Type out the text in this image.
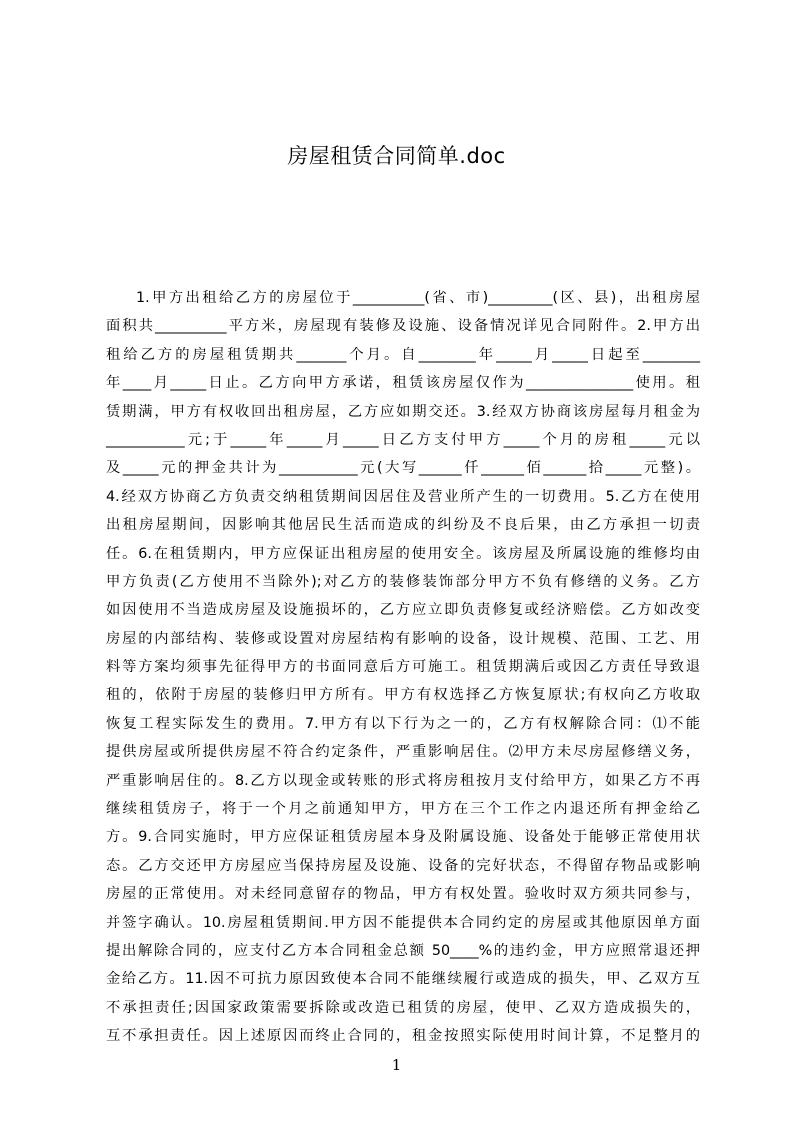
房屋租赁合同简单.doc
1.甲方出租给乙方的房屋位于__________(省、市)_________(区、县)，出租房屋
面积共__________平方米，房屋现有装修及设施、设备情况详见合同附件。2.甲方出
租给乙方的房屋租赁期共_______个月。自________年_____月_____日起至________
年____月_____日止。乙方向甲方承诺，租赁该房屋仅作为_______________使用。租
赁期满，甲方有权收回出租房屋，乙方应如期交还。3.经双方协商该房屋每月租金为
___________元;于_____年_____月_____日乙方支付甲方_____个月的房租_____元以
及_____元的押金共计为___________元(大写______仟______佰______拾_____元整)。
4.经双方协商乙方负责交纳租赁期间因居住及营业所产生的一切费用。5.乙方在使用
出租房屋期间，因影响其他居民生活而造成的纠纷及不良后果，由乙方承担一切责
任。6.在租赁期内，甲方应保证出租房屋的使用安全。该房屋及所属设施的维修均由
甲方负责(乙方使用不当除外);对乙方的装修装饰部分甲方不负有修缮的义务。乙方
如因使用不当造成房屋及设施损坏的，乙方应立即负责修复或经济赔偿。乙方如改变
房屋的内部结构、装修或设置对房屋结构有影响的设备，设计规模、范围、工艺、用
料等方案均须事先征得甲方的书面同意后方可施工。租赁期满后或因乙方责任导致退
租的，依附于房屋的装修归甲方所有。甲方有权选择乙方恢复原状;有权向乙方收取
恢复工程实际发生的费用。7.甲方有以下行为之一的，乙方有权解除合同：⑴不能
提供房屋或所提供房屋不符合约定条件，严重影响居住。⑵甲方未尽房屋修缮义务，
严重影响居住的。8.乙方以现金或转账的形式将房租按月支付给甲方，如果乙方不再
继续租赁房子，将于一个月之前通知甲方，甲方在三个工作之内退还所有押金给乙
方。9.合同实施时，甲方应保证租赁房屋本身及附属设施、设备处于能够正常使用状
态。乙方交还甲方房屋应当保持房屋及设施、设备的完好状态，不得留存物品或影响
房屋的正常使用。对未经同意留存的物品，甲方有权处置。验收时双方须共同参与，
并签字确认。10.房屋租赁期间.甲方因不能提供本合同约定的房屋或其他原因单方面
提出解除合同的，应支付乙方本合同租金总额 50____%的违约金，甲方应照常退还押
金给乙方。11.因不可抗力原因致使本合同不能继续履行或造成的损失，甲、乙双方互
不承担责任;因国家政策需要拆除或改造已租赁的房屋，使甲、乙双方造成损失的，
互不承担责任。因上述原因而终止合同的，租金按照实际使用时间计算，不足整月的
1
